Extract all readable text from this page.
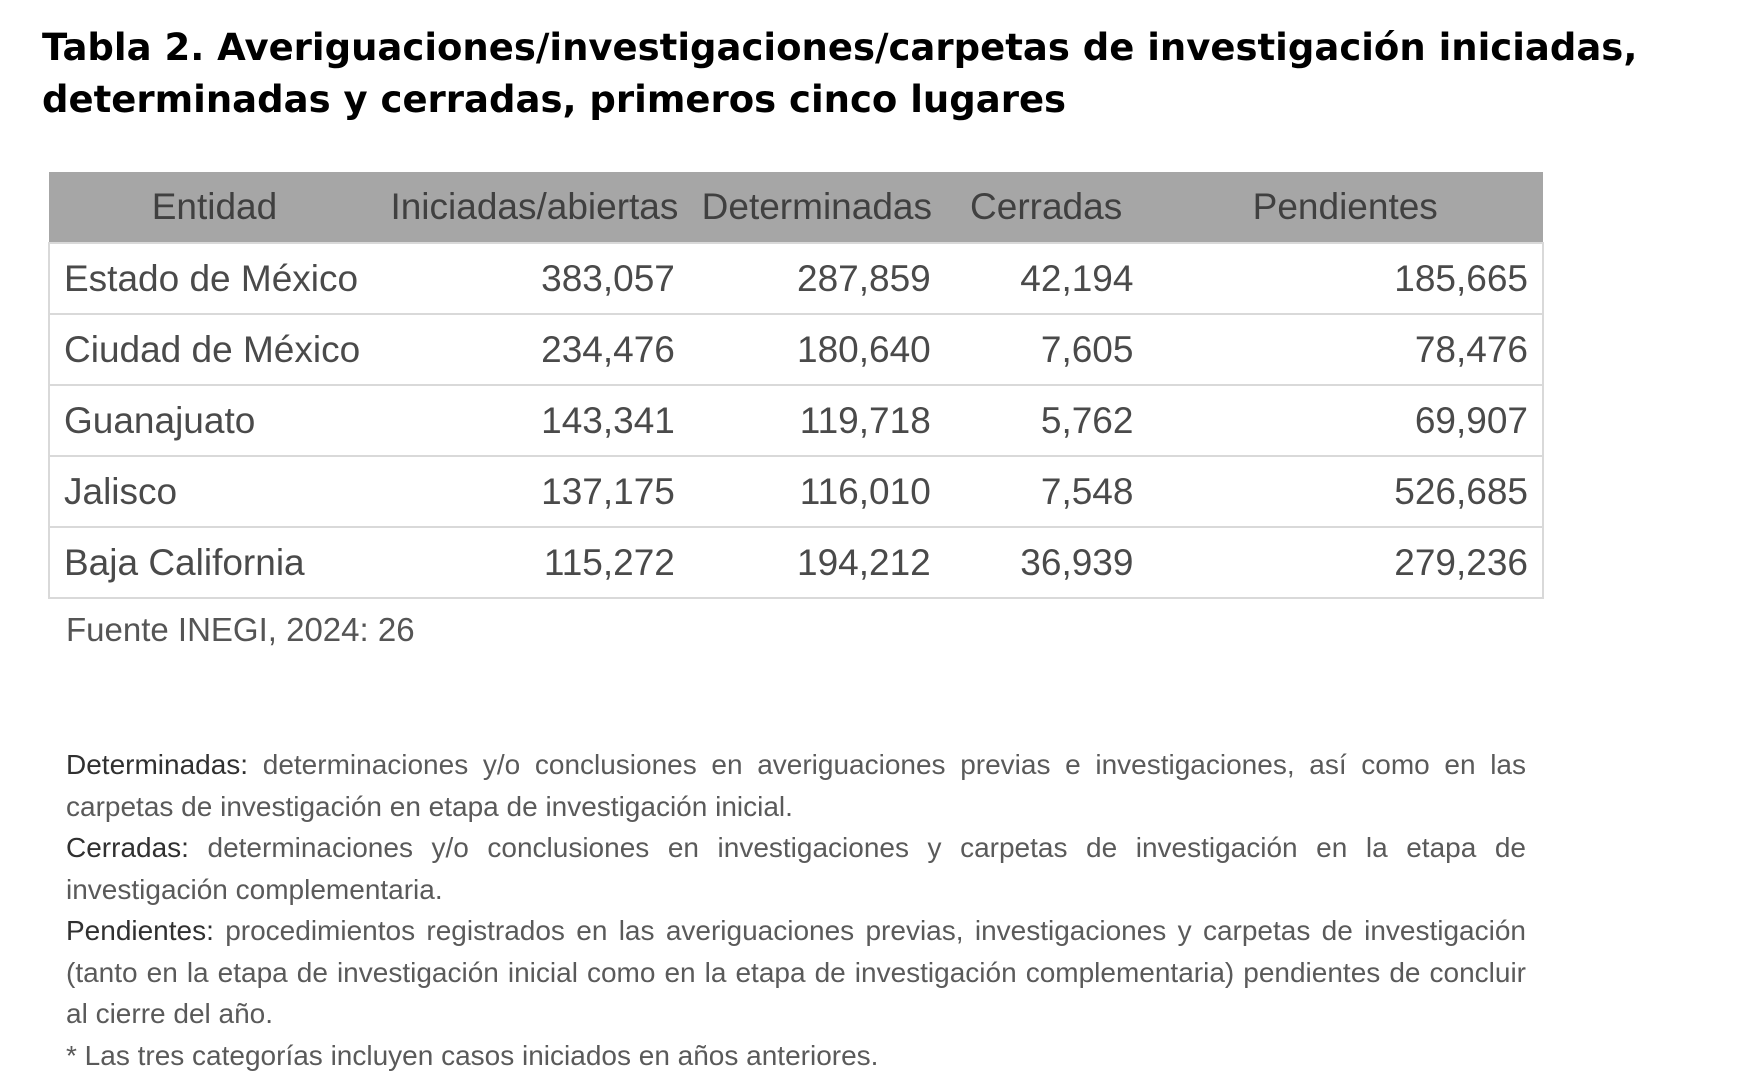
Tabla 2. Averiguaciones/investigaciones/carpetas de investigación iniciadas,
determinadas y cerradas, primeros cinco lugares
Entidad	Iniciadas/abiertas	Determinadas	Cerradas	Pendientes
Estado de México	383,057	287,859	42,194	185,665
Ciudad de México	234,476	180,640	7,605	78,476
Guanajuato	143,341	119,718	5,762	69,907
Jalisco	137,175	116,010	7,548	526,685
Baja California	115,272	194,212	36,939	279,236
Fuente INEGI, 2024: 26

Determinadas: determinaciones y/o conclusiones en averiguaciones previas e investigaciones, así como en las carpetas de investigación en etapa de investigación inicial.

Cerradas: determinaciones y/o conclusiones en investigaciones y carpetas de investigación en la etapa de investigación complementaria.

Pendientes: procedimientos registrados en las averiguaciones previas, investigaciones y carpetas de investigación (tanto en la etapa de investigación inicial como en la etapa de investigación complementaria) pendientes de concluir al cierre del año.

* Las tres categorías incluyen casos iniciados en años anteriores.
